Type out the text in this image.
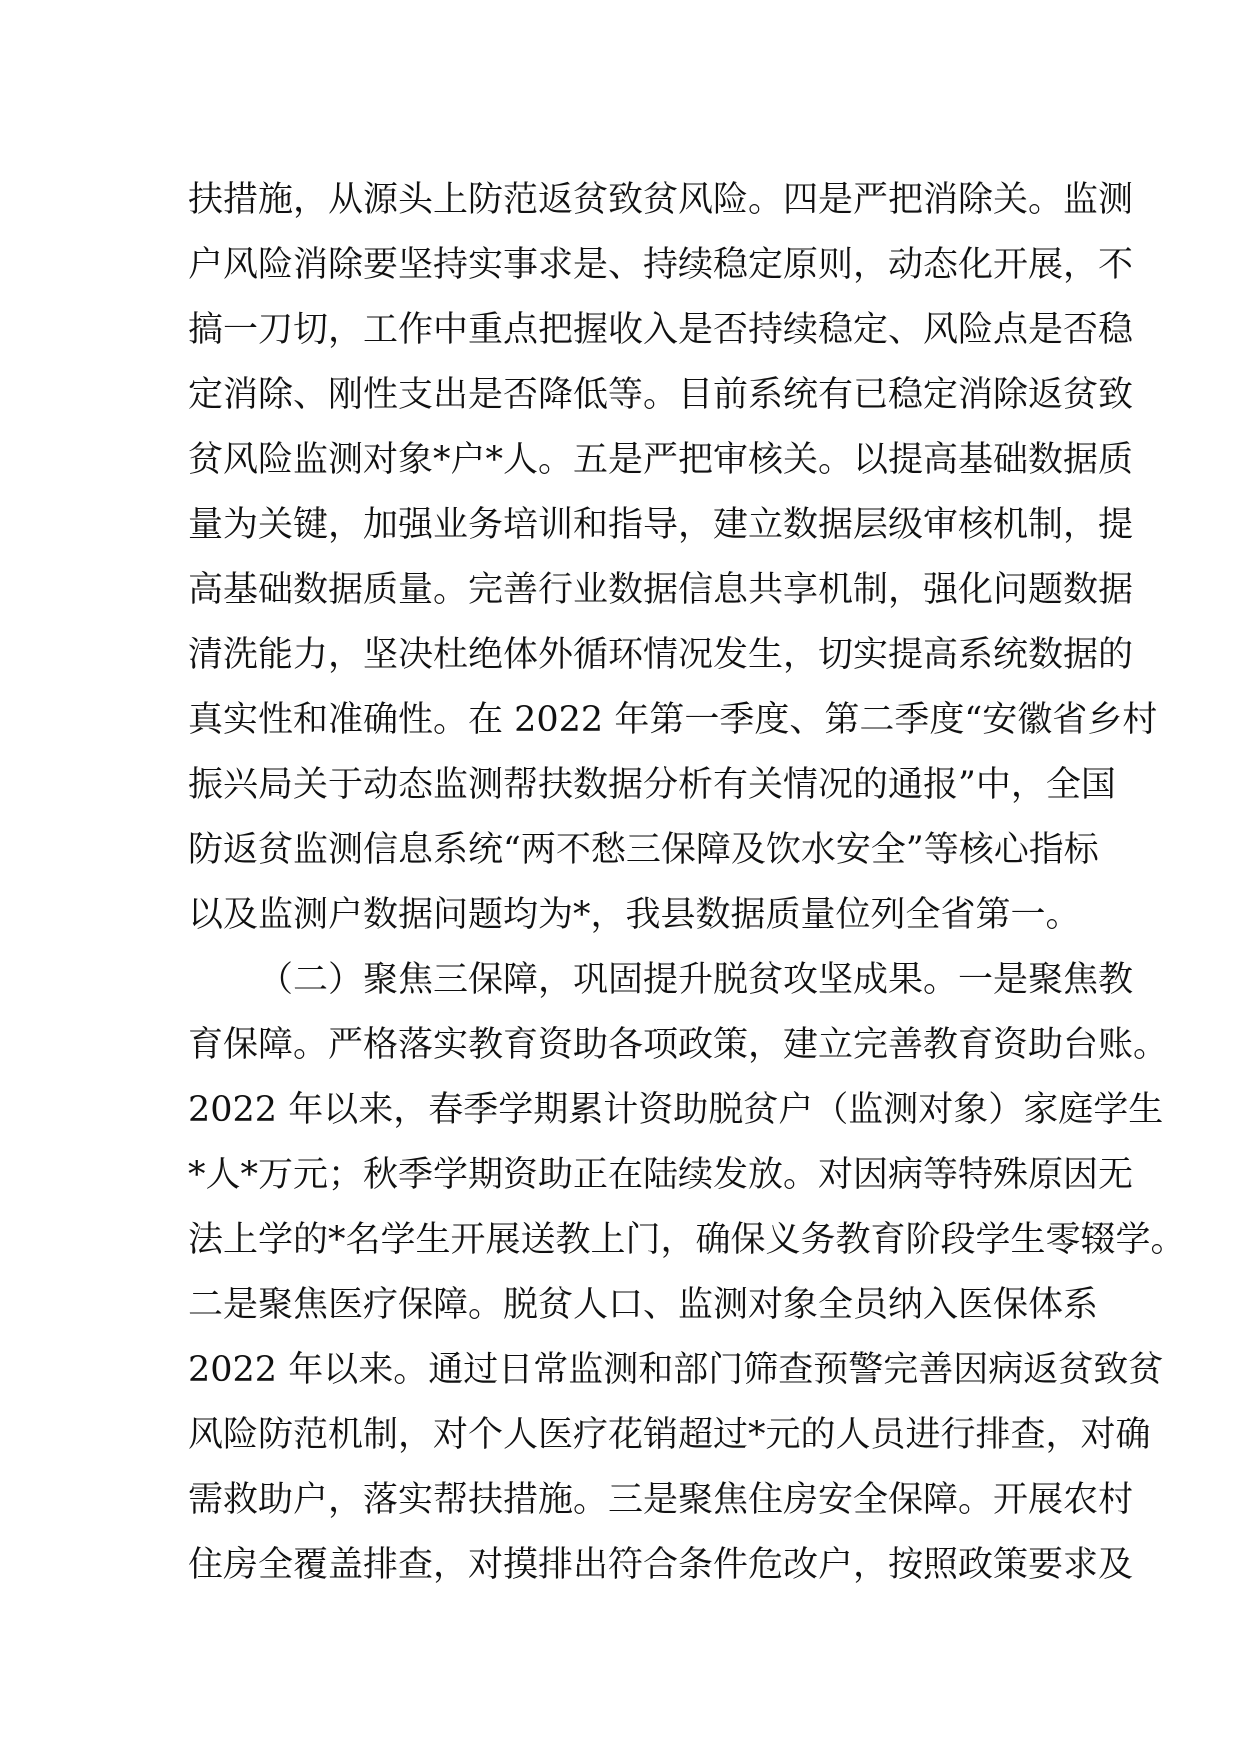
扶措施，从源头上防范返贫致贫风险。四是严把消除关。监测
户风险消除要坚持实事求是、持续稳定原则，动态化开展，不
搞一刀切，工作中重点把握收入是否持续稳定、风险点是否稳
定消除、刚性支出是否降低等。目前系统有已稳定消除返贫致
贫风险监测对象*户*人。五是严把审核关。以提高基础数据质
量为关键，加强业务培训和指导，建立数据层级审核机制，提
高基础数据质量。完善行业数据信息共享机制，强化问题数据
清洗能力，坚决杜绝体外循环情况发生，切实提高系统数据的
真实性和准确性。在 2022 年第一季度、第二季度“安徽省乡村
振兴局关于动态监测帮扶数据分析有关情况的通报”中，全国
防返贫监测信息系统“两不愁三保障及饮水安全”等核心指标
以及监测户数据问题均为*，我县数据质量位列全省第一。
（二）聚焦三保障，巩固提升脱贫攻坚成果。一是聚焦教
育保障。严格落实教育资助各项政策，建立完善教育资助台账。
2022 年以来，春季学期累计资助脱贫户（监测对象）家庭学生
*人*万元；秋季学期资助正在陆续发放。对因病等特殊原因无
法上学的*名学生开展送教上门，确保义务教育阶段学生零辍学。
二是聚焦医疗保障。脱贫人口、监测对象全员纳入医保体系
2022 年以来。通过日常监测和部门筛查预警完善因病返贫致贫
风险防范机制，对个人医疗花销超过*元的人员进行排查，对确
需救助户，落实帮扶措施。三是聚焦住房安全保障。开展农村
住房全覆盖排查，对摸排出符合条件危改户，按照政策要求及
